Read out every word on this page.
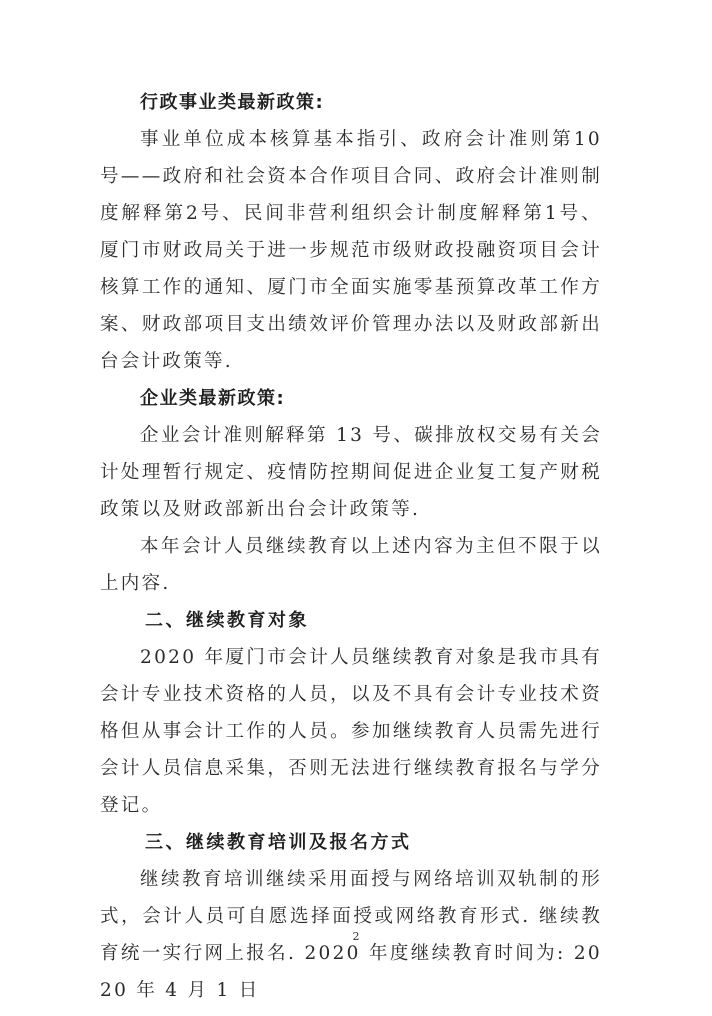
行政事业类最新政策:

事业单位成本核算基本指引、政府会计准则第10号——政府和社会资本合作项目合同、政府会计准则制度解释第2号、民间非营利组织会计制度解释第1号、厦门市财政局关于进一步规范市级财政投融资项目会计核算工作的通知、厦门市全面实施零基预算改革工作方案、财政部项目支出绩效评价管理办法以及财政部新出台会计政策等.

企业类最新政策:

企业会计准则解释第 13 号、碳排放权交易有关会计处理暂行规定、疫情防控期间促进企业复工复产财税政策以及财政部新出台会计政策等.

本年会计人员继续教育以上述内容为主但不限于以上内容.

二、继续教育对象

2020 年厦门市会计人员继续教育对象是我市具有会计专业技术资格的人员，以及不具有会计专业技术资格但从事会计工作的人员。参加继续教育人员需先进行会计人员信息采集，否则无法进行继续教育报名与学分登记。

三、继续教育培训及报名方式

继续教育培训继续采用面授与网络培训双轨制的形式，会计人员可自愿选择面授或网络教育形式. 继续教育统一实行网上报名. 2020 年度继续教育时间为: 2020 年 4 月 1 日

2
